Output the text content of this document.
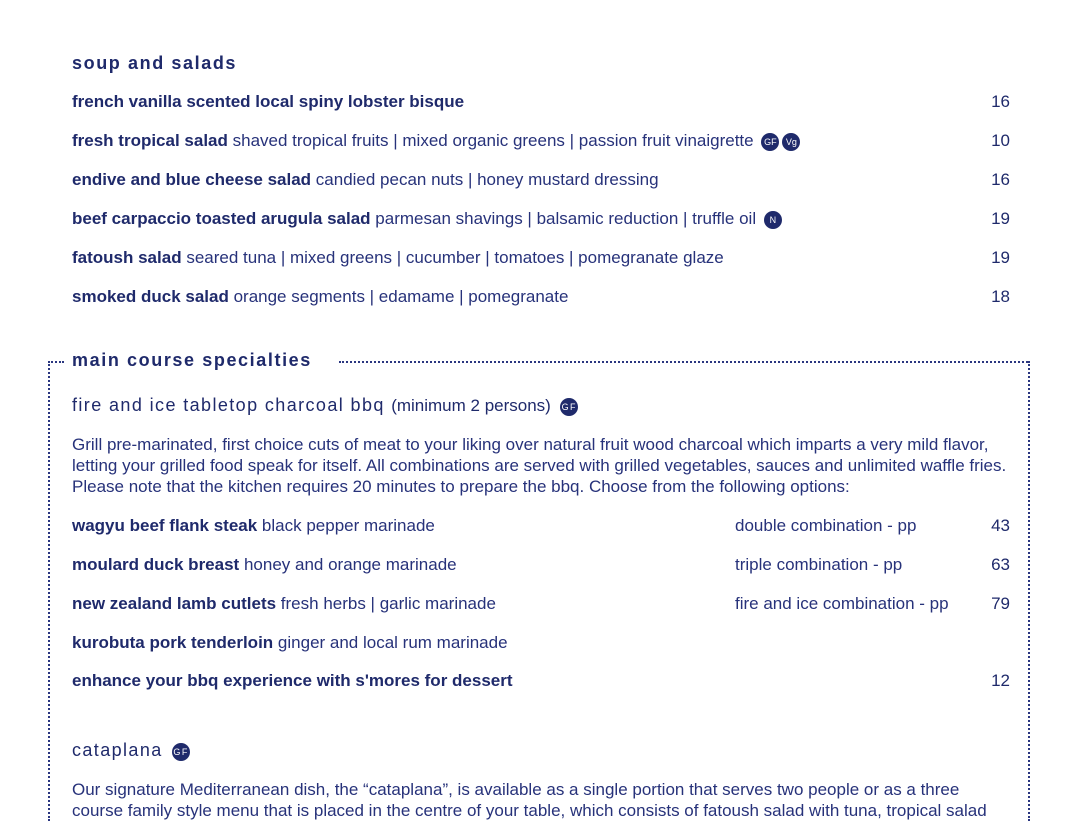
soup and salads
french vanilla scented local spiny lobster bisque	16
fresh tropical salad shaved tropical fruits | mixed organic greens | passion fruit vinaigrette GF Vg	10
endive and blue cheese salad candied pecan nuts | honey mustard dressing	16
beef carpaccio toasted arugula salad parmesan shavings | balsamic reduction | truffle oil N	19
fatoush salad seared tuna | mixed greens | cucumber | tomatoes | pomegranate glaze	19
smoked duck salad orange segments | edamame | pomegranate	18
main course specialties
fire and ice tabletop charcoal bbq (minimum 2 persons) GF
Grill pre-marinated, first choice cuts of meat to your liking over natural fruit wood charcoal which imparts a very mild flavor,
letting your grilled food speak for itself. All combinations are served with grilled vegetables, sauces and unlimited waffle fries.
Please note that the kitchen requires 20 minutes to prepare the bbq. Choose from the following options:
wagyu beef flank steak black pepper marinade	double combination - pp	43
moulard duck breast honey and orange marinade	triple combination - pp	63
new zealand lamb cutlets fresh herbs | garlic marinade	fire and ice combination - pp	79
kurobuta pork tenderloin ginger and local rum marinade
enhance your bbq experience with s'mores for dessert	12
cataplana GF
Our signature Mediterranean dish, the “cataplana”, is available as a single portion that serves two people or as a three
course family style menu that is placed in the centre of your table, which consists of fatoush salad with tuna, tropical salad
